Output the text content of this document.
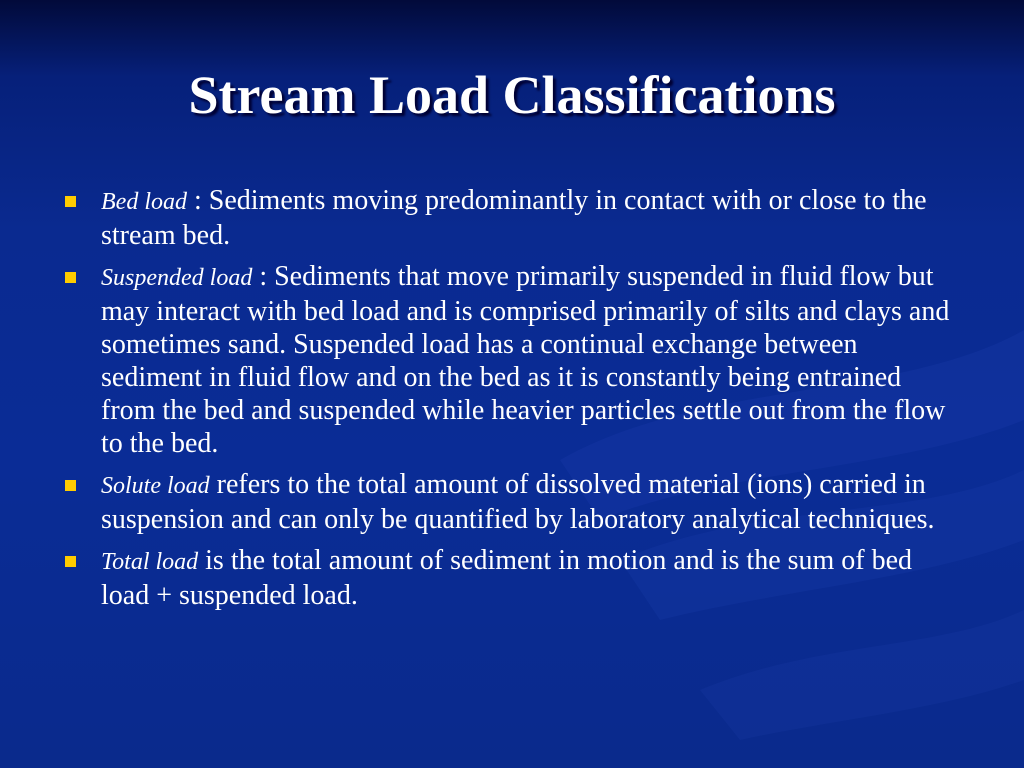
Stream Load Classifications
Bed load : Sediments moving predominantly in contact with or close to the stream bed.
Suspended load : Sediments that move primarily suspended in fluid flow but may interact with bed load and is comprised primarily of silts and clays and sometimes sand. Suspended load has a continual exchange between sediment in fluid flow and on the bed as it is constantly being entrained from the bed and suspended while heavier particles settle out from the flow to the bed.
Solute load refers to the total amount of dissolved material (ions) carried in suspension and can only be quantified by laboratory analytical techniques.
Total load is the total amount of sediment in motion and is the sum of bed load + suspended load.
